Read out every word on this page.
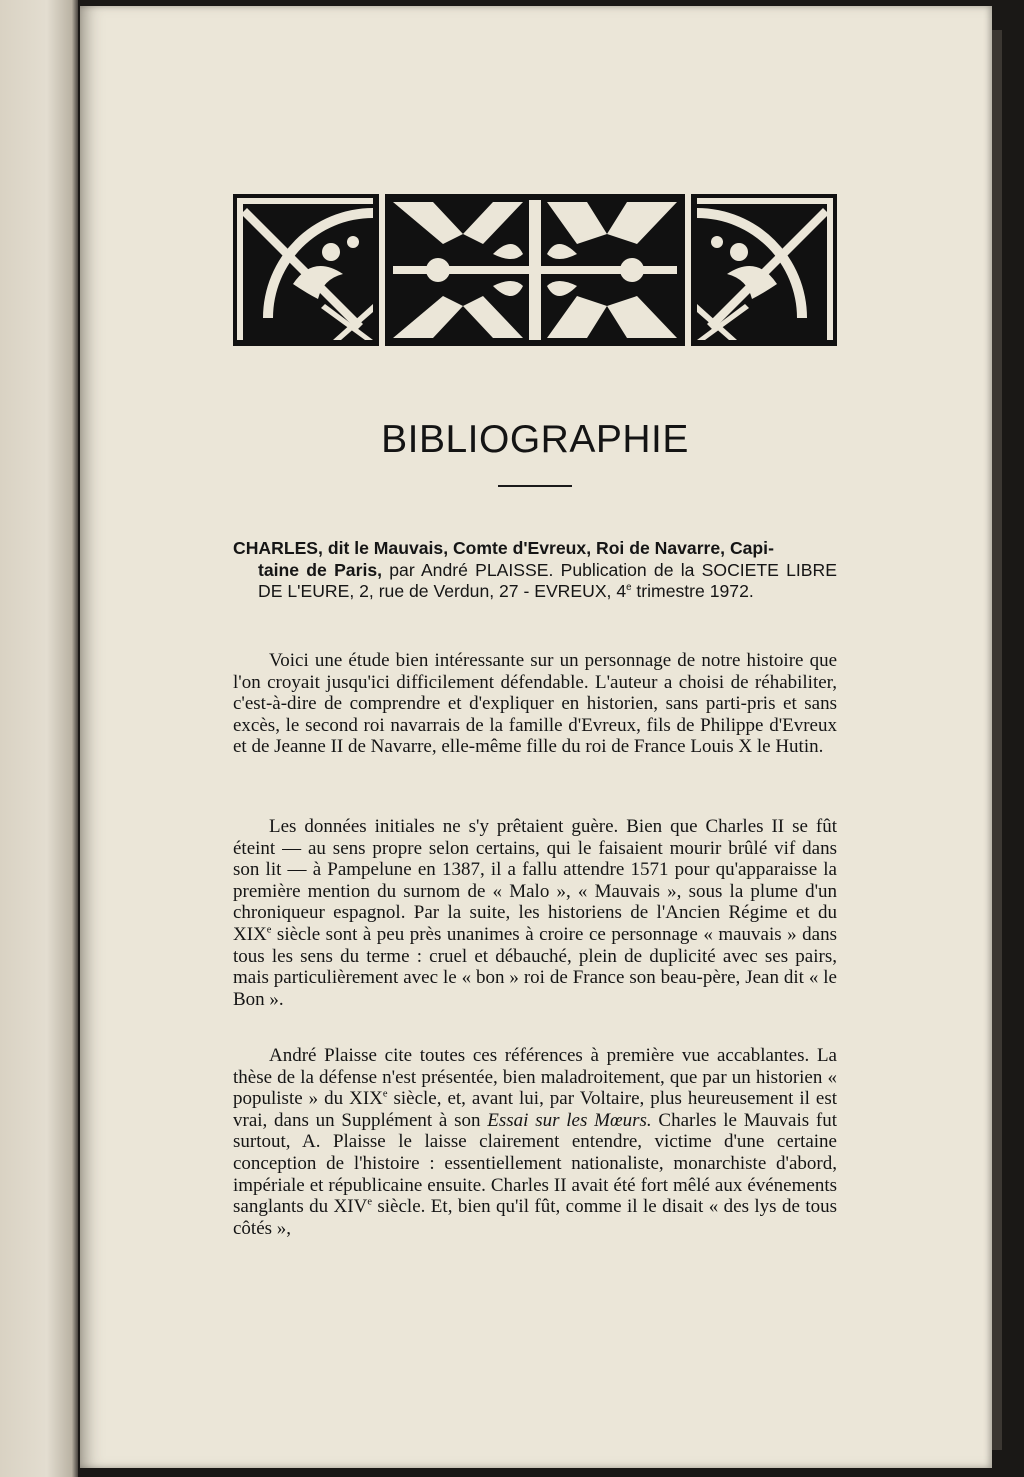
BIBLIOGRAPHIE

CHARLES, dit le Mauvais, Comte d'Evreux, Roi de Navarre, Capi-
taine de Paris, par André PLAISSE. Publication de la SOCIETE LIBRE DE L'EURE, 2, rue de Verdun, 27 - EVREUX, 4e trimestre 1972.

Voici une étude bien intéressante sur un personnage de notre histoire que l'on croyait jusqu'ici difficilement défendable. L'auteur a choisi de réhabiliter, c'est-à-dire de comprendre et d'expliquer en historien, sans parti-pris et sans excès, le second roi navarrais de la famille d'Evreux, fils de Philippe d'Evreux et de Jeanne II de Navarre, elle-même fille du roi de France Louis X le Hutin.

Les données initiales ne s'y prêtaient guère. Bien que Charles II se fût éteint — au sens propre selon certains, qui le faisaient mourir brûlé vif dans son lit — à Pampelune en 1387, il a fallu attendre 1571 pour qu'apparaisse la première mention du surnom de « Malo », « Mauvais », sous la plume d'un chroniqueur espagnol. Par la suite, les historiens de l'Ancien Régime et du XIXe siècle sont à peu près unanimes à croire ce personnage « mauvais » dans tous les sens du terme : cruel et débauché, plein de duplicité avec ses pairs, mais particulièrement avec le « bon » roi de France son beau-père, Jean dit « le Bon ».

André Plaisse cite toutes ces références à première vue accablantes. La thèse de la défense n'est présentée, bien maladroitement, que par un historien « populiste » du XIXe siècle, et, avant lui, par Voltaire, plus heureusement il est vrai, dans un Supplément à son Essai sur les Mœurs. Charles le Mauvais fut surtout, A. Plaisse le laisse clairement entendre, victime d'une certaine conception de l'histoire : essentiellement nationaliste, monarchiste d'abord, impériale et républicaine ensuite. Charles II avait été fort mêlé aux événements sanglants du XIVe siècle. Et, bien qu'il fût, comme il le disait « des lys de tous côtés »,
